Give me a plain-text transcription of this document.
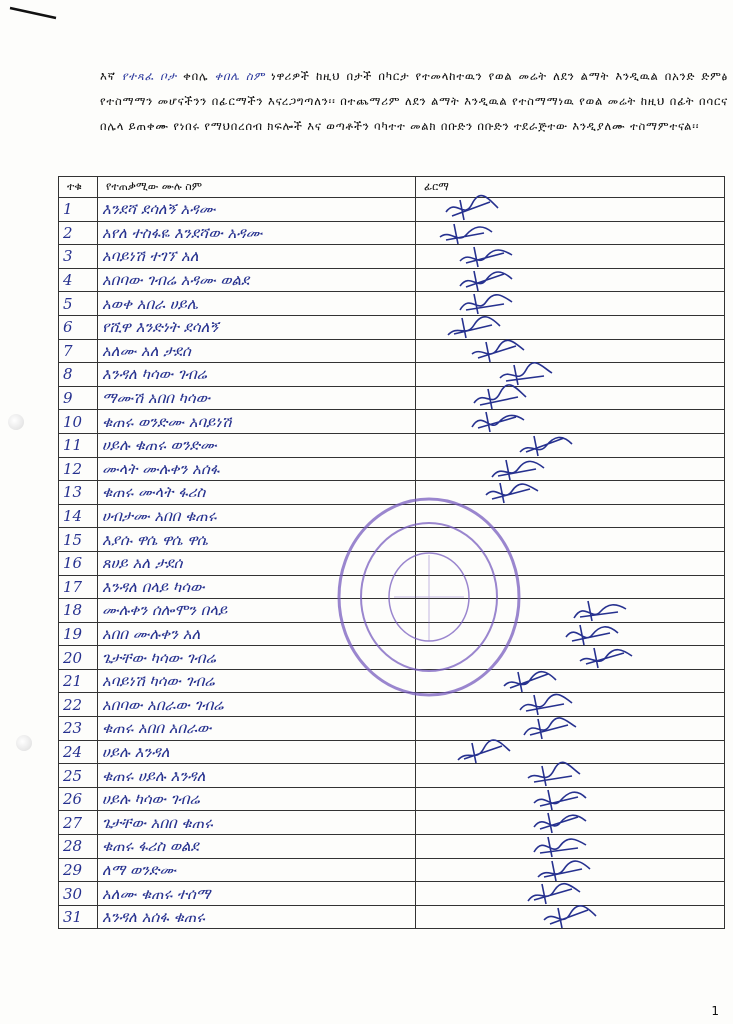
እኛ የተጻፈ ቦታ ቀበሌ ቀበሌ ስም ነዋሪዎች ከዚህ በታች በካርታ የተመላከተዉን የወል መሬት ለደን ልማት እንዲዉል በአንድ ድምፅ የተስማማን መሆናችንን በፊርማችን እናረጋግጣለን፡፡ በተጨማሪም ለደን ልማት እንዲዉል የተስማማነዉ የወል መሬት ከዚህ በፊት በሳርና በሌላ ይጠቀሙ የነበሩ የማህበረሰብ ክፍሎች እና ወጣቶችን ባካተተ መልክ በቡድን በቡድን ተደራጅተው እንዲያለሙ ተስማምተናል፡፡
ተቁ	የተጠቃሚው ሙሉ ስም	ፊርማ
1	እንደሻ ደሳለኝ አዳሙ	

2	አየለ ተስፋዬ እንደሻው አዳሙ	

3	አባይነሽ ተገኘ አለ	

4	አበባው ገብሬ አዳሙ ወልደ	

5	አወቀ አበራ ሀይሌ	

6	የሺዋ እንድነት ደሳለኝ	

7	አለሙ አለ ታደሰ	

8	እንዳለ ካሳው ገብሬ	

9	ማሙሽ አበበ ካሳው	

10	ቁጠሩ ወንድሙ አባይነሽ	

11	ሀይሉ ቁጠሩ ወንድሙ	

12	ሙላት ሙሉቀን አሰፋ	

13	ቁጠሩ ሙላት ፋሪስ	

14	ሀብታሙ አበበ ቁጠሩ	
15	እያሱ ዋሴ ዋሴ ዋሴ	
16	ጸሀይ አለ ታደሰ	
17	እንዳለ በላይ ካሳው	
18	ሙሉቀን ሰሎሞን በላይ	

19	አበበ ሙሉቀን አለ	

20	ጌታቸው ካሳው ገብሬ	

21	አባይነሽ ካሳው ገብሬ	

22	አበባው አበራው ገብሬ	

23	ቁጠሩ አበበ አበራው	

24	ሀይሉ እንዳለ	

25	ቁጠሩ ሀይሉ እንዳለ	

26	ሀይሉ ካሳው ገብሬ	

27	ጌታቸው አበበ ቁጠሩ	

28	ቁጠሩ ፋሪስ ወልደ	

29	ለማ ወንድሙ	

30	አለሙ ቁጠሩ ተሰማ	

31	እንዳለ አሰፋ ቁጠሩ	
1
